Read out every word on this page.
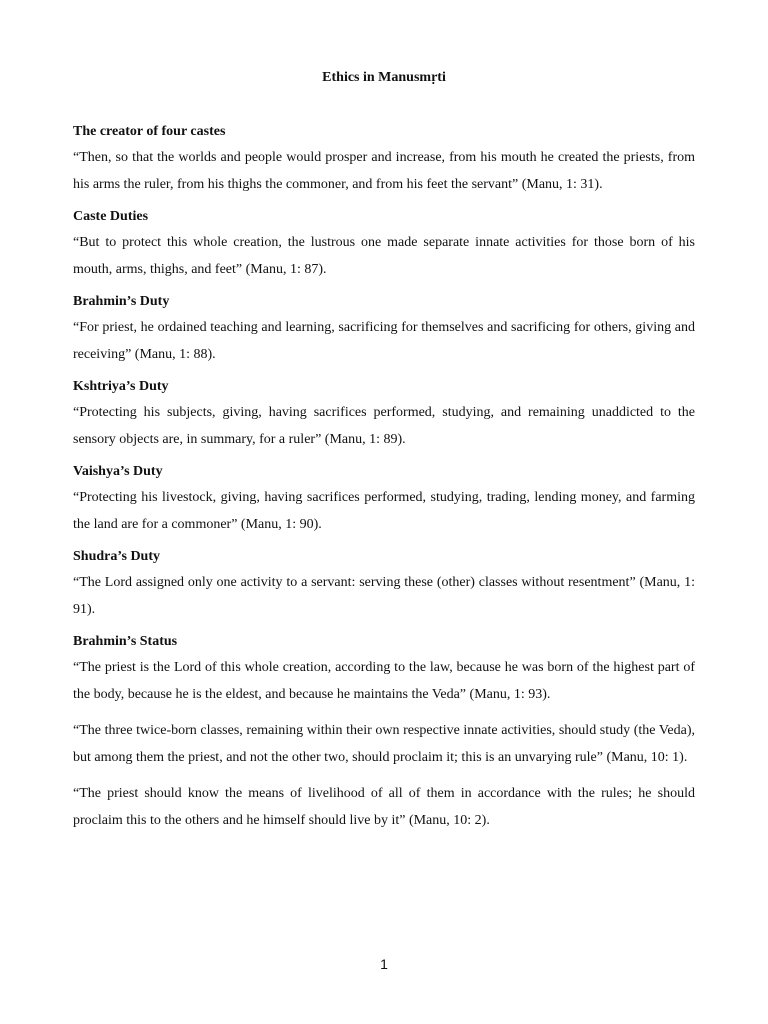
Ethics in Manusmṛti
The creator of four castes

“Then, so that the worlds and people would prosper and increase, from his mouth he created the priests, from his arms the ruler, from his thighs the commoner, and from his feet the servant” (Manu, 1: 31).

Caste Duties

“But to protect this whole creation, the lustrous one made separate innate activities for those born of his mouth, arms, thighs, and feet” (Manu, 1: 87).

Brahmin’s Duty

“For priest, he ordained teaching and learning, sacrificing for themselves and sacrificing for others, giving and receiving” (Manu, 1: 88).

Kshtriya’s Duty

“Protecting his subjects, giving, having sacrifices performed, studying, and remaining unaddicted to the sensory objects are, in summary, for a ruler” (Manu, 1: 89).

Vaishya’s Duty

“Protecting his livestock, giving, having sacrifices performed, studying, trading, lending money, and farming the land are for a commoner” (Manu, 1: 90).

Shudra’s Duty

“The Lord assigned only one activity to a servant: serving these (other) classes without resentment” (Manu, 1: 91).

Brahmin’s Status

“The priest is the Lord of this whole creation, according to the law, because he was born of the highest part of the body, because he is the eldest, and because he maintains the Veda” (Manu, 1: 93).

“The three twice-born classes, remaining within their own respective innate activities, should study (the Veda), but among them the priest, and not the other two, should proclaim it; this is an unvarying rule” (Manu, 10: 1).

“The priest should know the means of livelihood of all of them in accordance with the rules; he should proclaim this to the others and he himself should live by it” (Manu, 10: 2).

1
